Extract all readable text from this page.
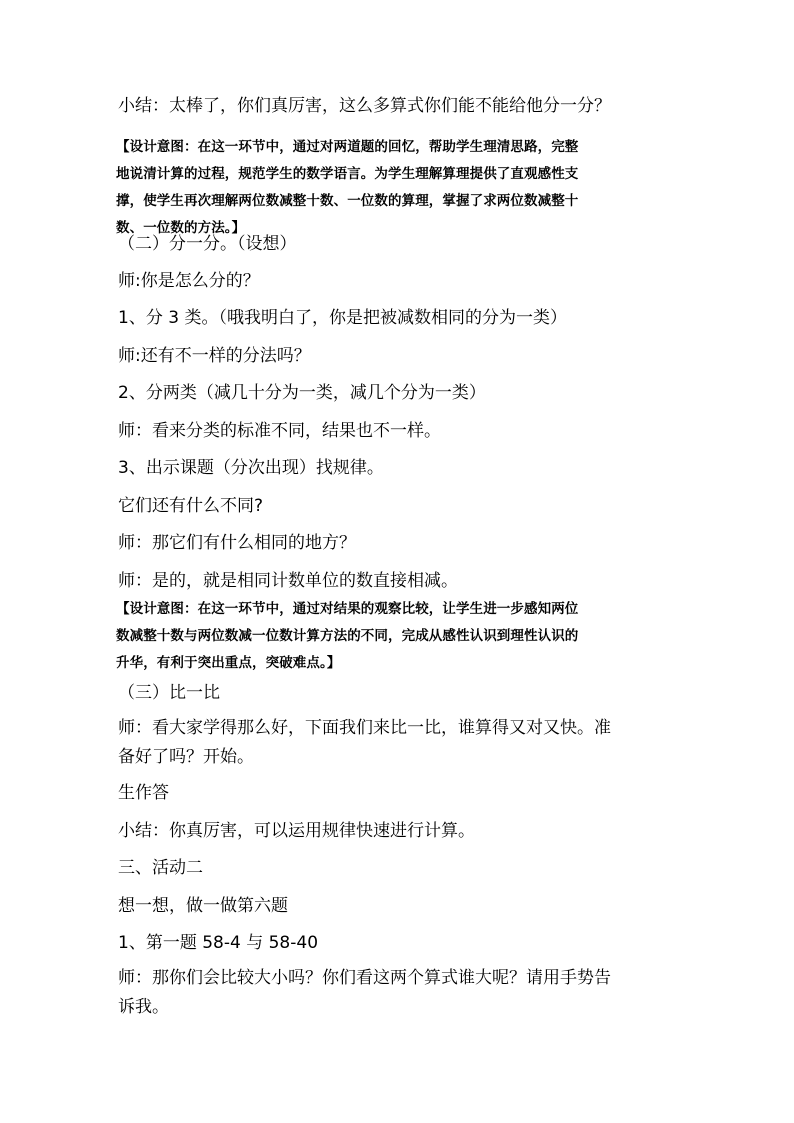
小结：太棒了，你们真厉害，这么多算式你们能不能给他分一分？
【设计意图：在这一环节中，通过对两道题的回忆，帮助学生理清思路，完整
地说清计算的过程，规范学生的数学语言。为学生理解算理提供了直观感性支
撑，使学生再次理解两位数减整十数、一位数的算理，掌握了求两位数减整十
数、一位数的方法。】
（二）分一分。（设想）
师:你是怎么分的？
1、分 3 类。（哦我明白了，你是把被减数相同的分为一类）
师:还有不一样的分法吗？
2、分两类（减几十分为一类，减几个分为一类）
师：看来分类的标准不同，结果也不一样。
3、出示课题（分次出现）找规律。
它们还有什么不同?
师：那它们有什么相同的地方？
师：是的，就是相同计数单位的数直接相减。
【设计意图：在这一环节中，通过对结果的观察比较，让学生进一步感知两位
数减整十数与两位数减一位数计算方法的不同，完成从感性认识到理性认识的
升华，有利于突出重点，突破难点。】
（三）比一比
师：看大家学得那么好，下面我们来比一比，谁算得又对又快。准
备好了吗？开始。
生作答
小结：你真厉害，可以运用规律快速进行计算。
三、活动二
想一想，做一做第六题
1、第一题 58-4 与 58-40
师：那你们会比较大小吗？你们看这两个算式谁大呢？请用手势告
诉我。
